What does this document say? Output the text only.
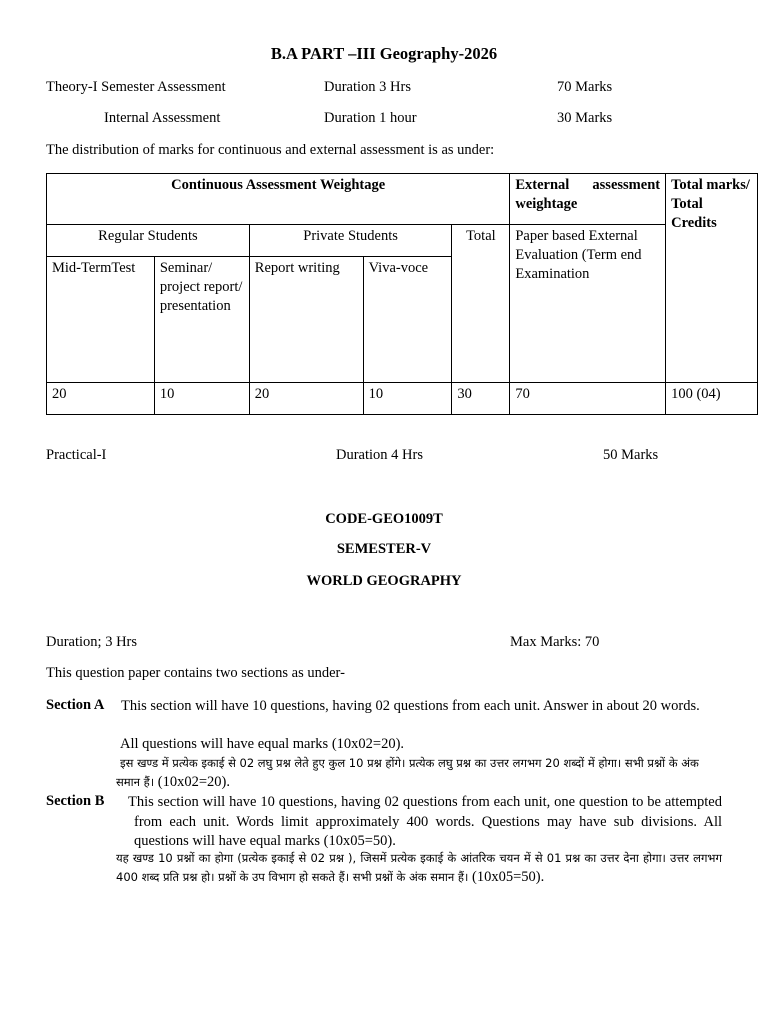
B.A PART –III Geography-2026
Theory-I Semester Assessment	Duration 3 Hrs	70 Marks
Internal Assessment	Duration 1 hour	30 Marks
The distribution of marks for continuous and external assessment is as under:
Continuous Assessment Weightage					External assessment weightage	Total marks/ Total Credits
Regular Students		Private Students		Total	Paper based External Evaluation (Term end Examination	
Mid-TermTest	Seminar/ project report/ presentation	Report writing	Viva-voce			
20	10	20	10	30	70	100 (04)
Practical-I	Duration 4 Hrs	50 Marks
CODE-GEO1009T
SEMESTER-V
WORLD GEOGRAPHY
Duration; 3 Hrs	Max Marks: 70
This question paper contains two sections as under-
Section A	This section will have 10 questions, having 02 questions from each unit. Answer in about 20 words.
All questions will have equal marks (10x02=20).
इस खण्ड में प्रत्येक इकाई से 02 लघु प्रश्न लेते हुए कुल 10 प्रश्न होंगे। प्रत्येक लघु प्रश्न का उत्तर लगभग 20 शब्दों में होगा। सभी प्रश्नों के अंक समान हैं। (10x02=20).
Section B This section will have 10 questions, having 02 questions from each unit, one question to be attempted from each unit. Words limit approximately 400 words. Questions may have sub divisions. All questions will have equal marks (10x05=50).
यह खण्ड 10 प्रश्नों का होगा (प्रत्येक इकाई से 02 प्रश्न ), जिसमें प्रत्येक इकाई के आंतरिक चयन में से 01 प्रश्न का उत्तर देना होगा। उत्तर लगभग 400 शब्द प्रति प्रश्न हो। प्रश्नों के उप विभाग हो सकते हैं। सभी प्रश्नों के अंक समान हैं। (10x05=50).
